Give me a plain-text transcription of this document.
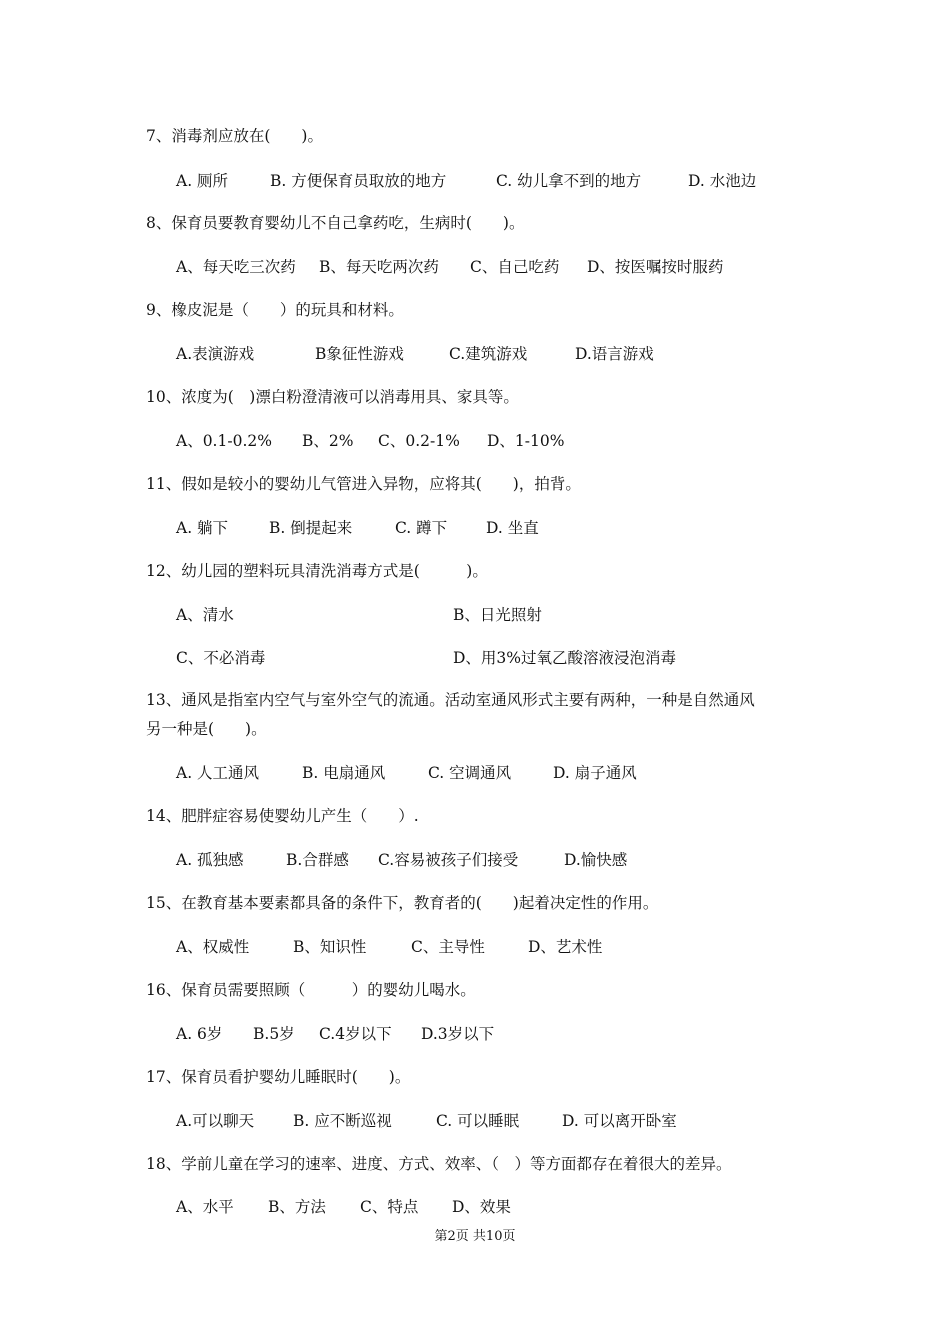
7、消毒剂应放在(　　)。
A. 厕所	B. 方便保育员取放的地方	C. 幼儿拿不到的地方	D. 水池边
8、保育员要教育婴幼儿不自己拿药吃，生病时(　　)。
A、每天吃三次药 B、每天吃两次药 C、自己吃药 D、按医嘱按时服药
9、橡皮泥是（　　）的玩具和材料。
A.表演游戏	B象征性游戏	C.建筑游戏	D.语言游戏
10、浓度为(　)漂白粉澄清液可以消毒用具、家具等。
A、0.1-0.2% B、2% C、0.2-1% D、1-10%
11、假如是较小的婴幼儿气管进入异物，应将其(　　)，拍背。
A. 躺下	B. 倒提起来	C. 蹲下	D. 坐直
12、幼儿园的塑料玩具清洗消毒方式是(　　　)。
A、清水	B、日光照射
C、不必消毒	D、用3%过氧乙酸溶液浸泡消毒
13、通风是指室内空气与室外空气的流通。活动室通风形式主要有两种，一种是自然通风
另一种是(　　)。
A. 人工通风	B. 电扇通风	C. 空调通风	D. 扇子通风
14、肥胖症容易使婴幼儿产生（　　）.
A. 孤独感	B.合群感 C.容易被孩子们接受	D.愉快感
15、在教育基本要素都具备的条件下，教育者的(　　)起着决定性的作用。
A、权威性	B、知识性	C、主导性	D、艺术性
16、保育员需要照顾（　　　）的婴幼儿喝水。
A. 6岁 B.5岁 C.4岁以下 D.3岁以下
17、保育员看护婴幼儿睡眠时(　　)。
A.可以聊天	B. 应不断巡视	C. 可以睡眠	D. 可以离开卧室
18、学前儿童在学习的速率、进度、方式、效率、（　）等方面都存在着很大的差异。
A、水平 B、方法 C、特点 D、效果
第2页 共10页
